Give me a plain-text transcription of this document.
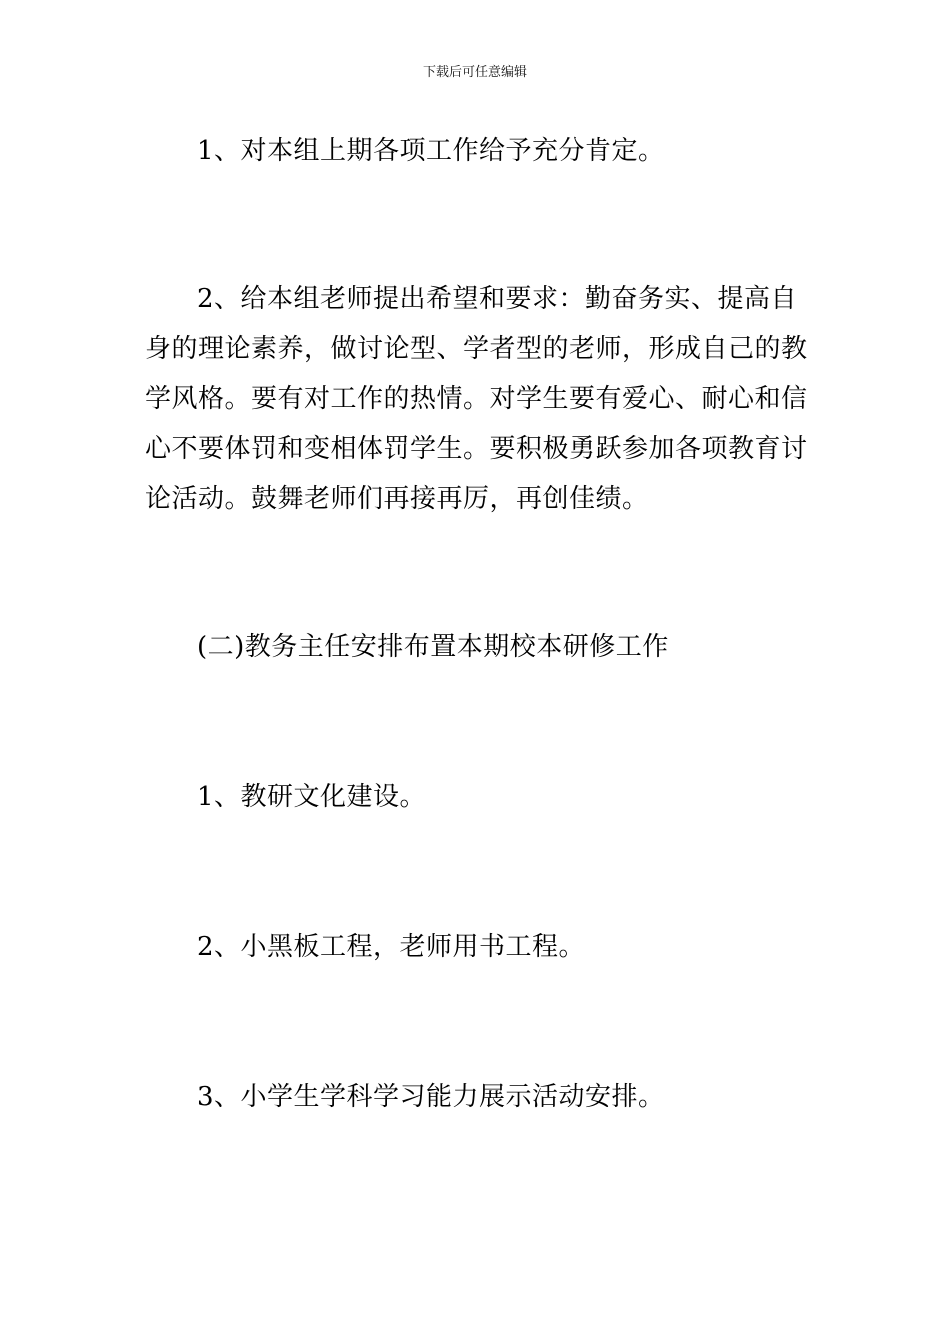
下载后可任意编辑

1、对本组上期各项工作给予充分肯定。

2、给本组老师提出希望和要求：勤奋务实、提高自身的理论素养，做讨论型、学者型的老师，形成自己的教学风格。要有对工作的热情。对学生要有爱心、耐心和信心不要体罚和变相体罚学生。要积极勇跃参加各项教育讨论活动。鼓舞老师们再接再厉，再创佳绩。

(二)教务主任安排布置本期校本研修工作

1、教研文化建设。

2、小黑板工程，老师用书工程。

3、小学生学科学习能力展示活动安排。
